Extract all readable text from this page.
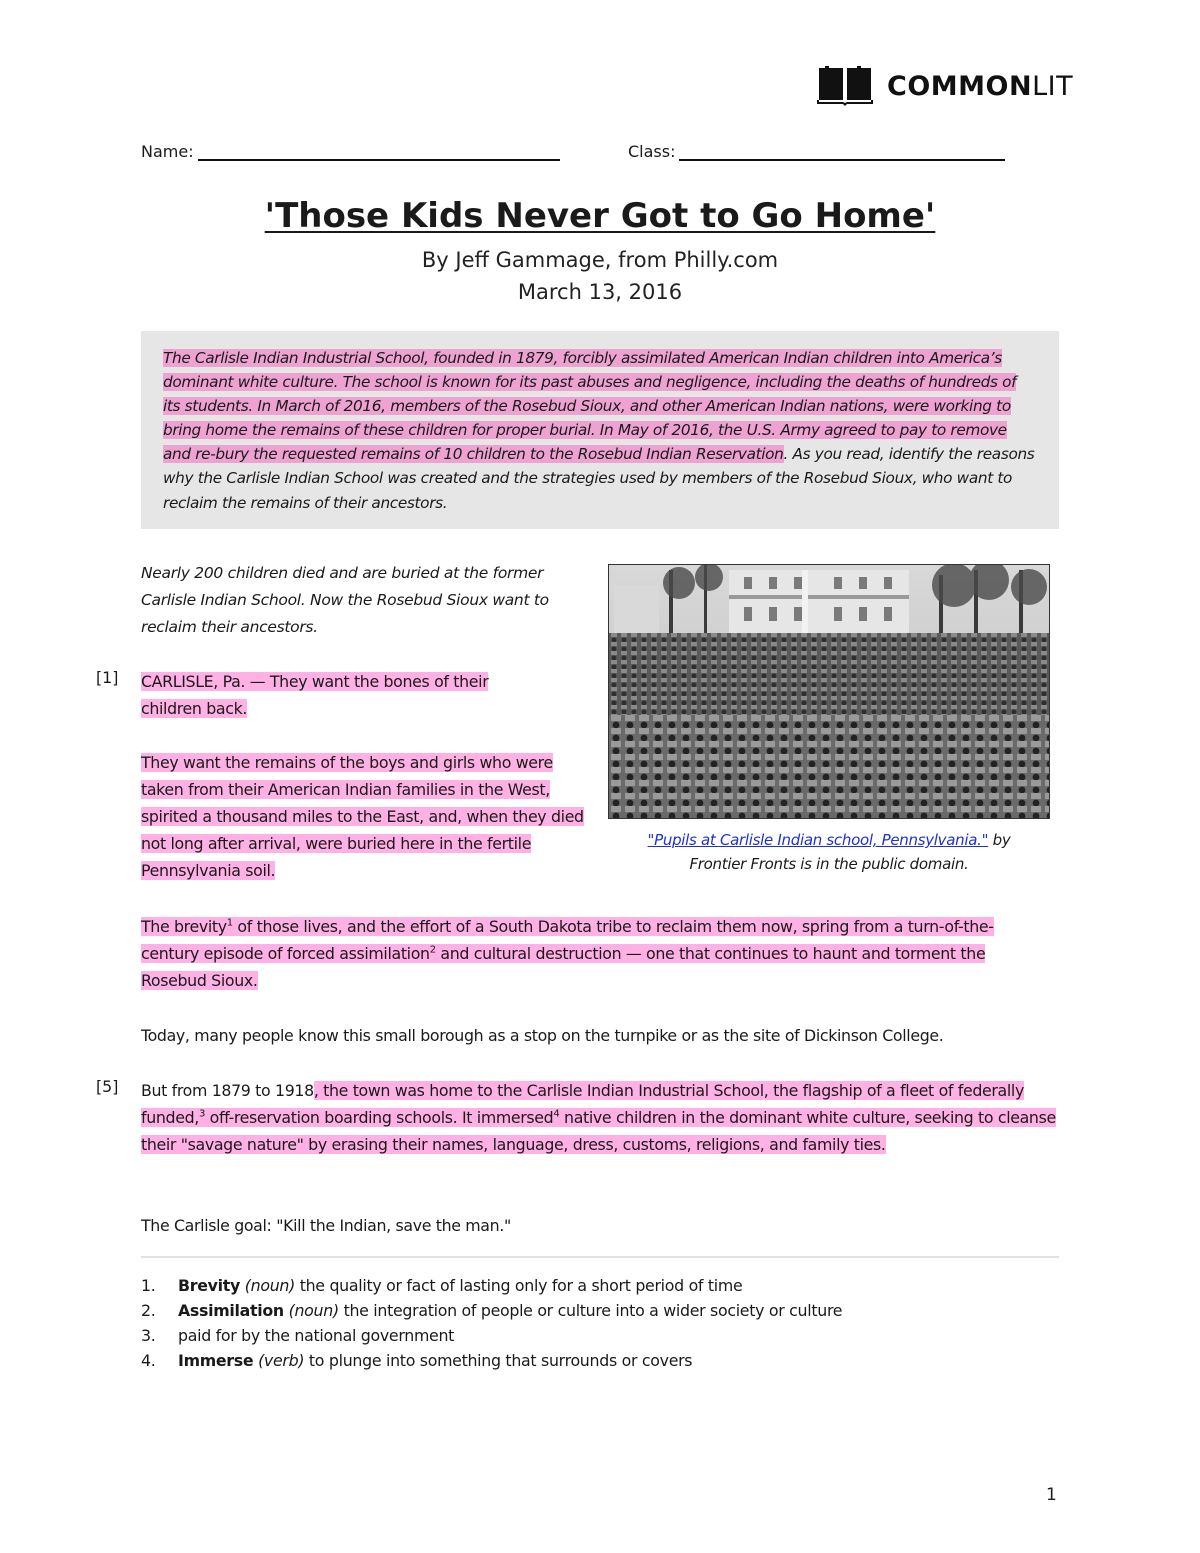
COMMONLIT
Name:	Class:
'Those Kids Never Got to Go Home'
By Jeff Gammage, from Philly.com
March 13, 2016

The Carlisle Indian Industrial School, founded in 1879, forcibly assimilated American Indian children into America’s dominant white culture. The school is known for its past abuses and negligence, including the deaths of hundreds of its students. In March of 2016, members of the Rosebud Sioux, and other American Indian nations, were working to bring home the remains of these children for proper burial. In May of 2016, the U.S. Army agreed to pay to remove and re-bury the requested remains of 10 children to the Rosebud Indian Reservation. As you read, identify the reasons why the Carlisle Indian School was created and the strategies used by members of the Rosebud Sioux, who want to reclaim the remains of their ancestors.

Nearly 200 children died and are buried at the former Carlisle Indian School. Now the Rosebud Sioux want to reclaim their ancestors.
[1] CARLISLE, Pa. — They want the bones of their children back.
They want the remains of the boys and girls who were taken from their American Indian families in the West, spirited a thousand miles to the East, and, when they died not long after arrival, were buried here in the fertile Pennsylvania soil.
"Pupils at Carlisle Indian school, Pennsylvania." by
Frontier Fronts is in the public domain.
The brevity$^1$ of those lives, and the effort of a South Dakota tribe to reclaim them now, spring from a turn-of-the-century episode of forced assimilation$^2$ and cultural destruction — one that continues to haunt and torment the Rosebud Sioux.
Today, many people know this small borough as a stop on the turnpike or as the site of Dickinson College.
[5] But from 1879 to 1918, the town was home to the Carlisle Indian Industrial School, the flagship of a fleet of federally funded,$^3$ off-reservation boarding schools. It immersed$^4$ native children in the dominant white culture, seeking to cleanse their "savage nature" by erasing their names, language, dress, customs, religions, and family ties.
The Carlisle goal: "Kill the Indian, save the man."
1.	Brevity (noun) the quality or fact of lasting only for a short period of time
2.	Assimilation (noun) the integration of people or culture into a wider society or culture
3.	paid for by the national government
4.	Immerse (verb) to plunge into something that surrounds or covers
1
